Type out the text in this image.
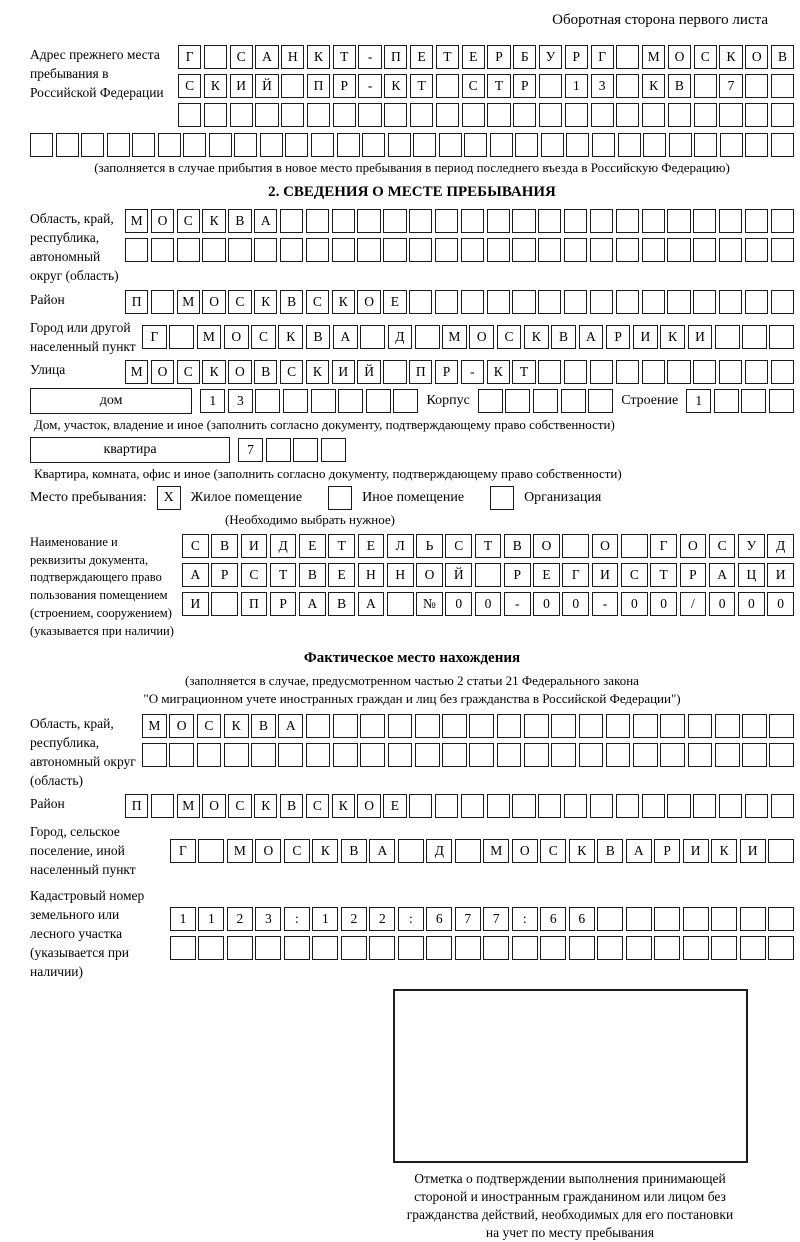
Оборотная сторона первого листа
Адрес прежнего места пребывания в Российской Федерации
Г	С	А	Н	К	Т	-	П	Е	Т	Е	Р	Б	У	Р	Г	М	О	С	К	О	В
С	К	И	Й	П	Р	-	К	Т	С	Т	Р	1	3	К	В	7
(заполняется в случае прибытия в новое место пребывания в период последнего въезда в Российскую Федерацию)
2. СВЕДЕНИЯ О МЕСТЕ ПРЕБЫВАНИЯ
Область, край, республика, автономный округ (область)
М	О	С	К	В	А
Район	П	М	О	С	К	В	С	К	О	Е
Город или другой населенный пункт
Г	М	О	С	К	В	А	Д	М	О	С	К	В	А	Р	И	К	И
Улица	М	О	С	К	О	В	С	К	И	Й	П	Р	-	К	Т
дом	1	3	Корпус	Строение	1
Дом, участок, владение и иное (заполнить согласно документу, подтверждающему право собственности)
квартира	7
Квартира, комната, офис и иное (заполнить согласно документу, подтверждающему право собственности)
Место пребывания:	X	Жилое помещение	Иное помещение	Организация
(Необходимо выбрать нужное)
Наименование и реквизиты документа, подтверждающего право пользования помещением (строением, сооружением) (указывается при наличии)
С	В	И	Д	Е	Т	Е	Л	Ь	С	Т	В	О	О	Г	О	С	У	Д
А	Р	С	Т	В	Е	Н	Н	О	Й	Р	Е	Г	И	С	Т	Р	А	Ц	И
И	П	Р	А	В	А	№	0	0	-	0	0	-	0	0	/	0	0	0
Фактическое место нахождения
(заполняется в случае, предусмотренном частью 2 статьи 21 Федерального закона
"О миграционном учете иностранных граждан и лиц без гражданства в Российской Федерации")
Область, край, республика, автономный округ (область)
М	О	С	К	В	А
Район	П	М	О	С	К	В	С	К	О	Е
Город, сельское поселение, иной населенный пункт
Г	М	О	С	К	В	А	Д	М	О	С	К	В	А	Р	И	К	И
Кадастровый номер земельного или лесного участка (указывается при наличии)
1	1	2	3	:	1	2	2	:	6	7	7	:	6	6
Отметка о подтверждении выполнения принимающей
стороной и иностранным гражданином или лицом без
гражданства действий, необходимых для его постановки
на учет по месту пребывания
